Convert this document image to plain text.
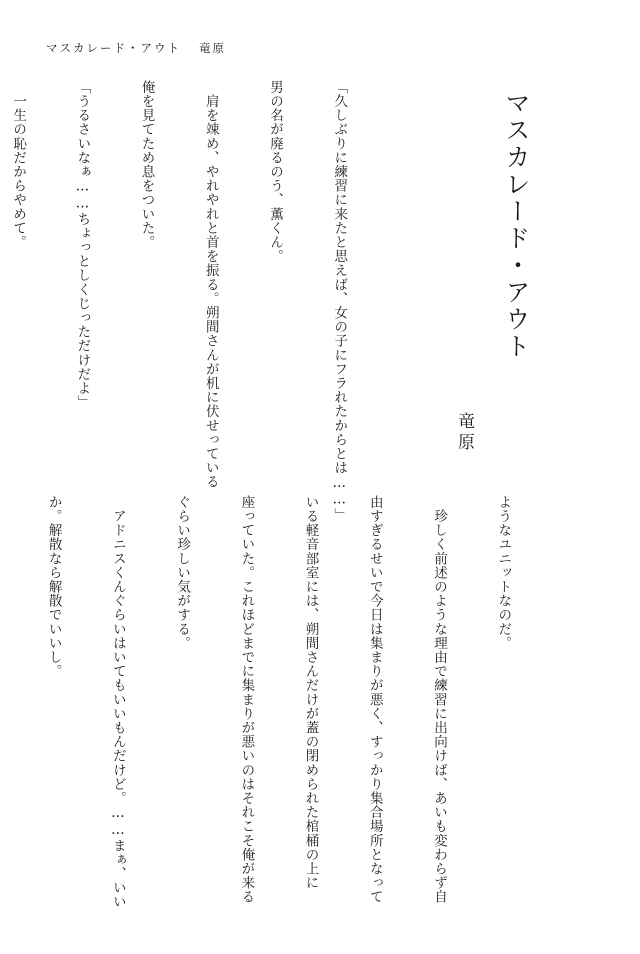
マスカレード・アウト 竜原
マスカレード・アウト
竜原

「久しぶりに練習に来たと思えば、女の子にフラれたからとは……」

男の名が廃るのう、薫くん。

　肩を竦め、やれやれと首を振る。朔間さんが机に伏せっている

俺を見てため息をついた。

「うるさいなぁ……ちょっとしくじっただけだよ」

　一生の恥だからやめて。

ようなユニットなのだ。

　珍しく前述のような理由で練習に出向けば、あいも変わらず自

由すぎるせいで今日は集まりが悪く、すっかり集合場所となって

いる軽音部室には、朔間さんだけが蓋の閉められた棺桶の上に

座っていた。これほどまでに集まりが悪いのはそれこそ俺が来る

ぐらい珍しい気がする。

　アドニスくんぐらいはいてもいいもんだけど。……まぁ、いい

か。解散なら解散でいいし。
